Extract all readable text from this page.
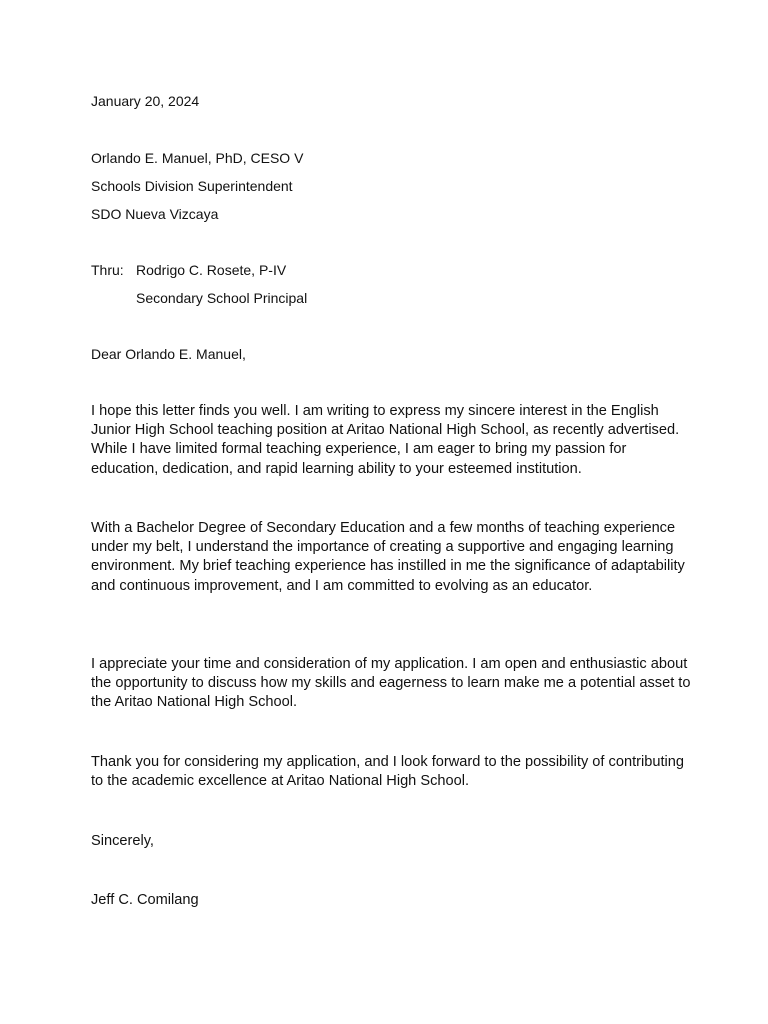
January 20, 2024
Orlando E. Manuel, PhD, CESO V
Schools Division Superintendent
SDO Nueva Vizcaya
Thru: Rodrigo C. Rosete, P-IV
Secondary School Principal
Dear Orlando E. Manuel,
I hope this letter finds you well. I am writing to express my sincere interest in the English Junior High School teaching position at Aritao National High School, as recently advertised. While I have limited formal teaching experience, I am eager to bring my passion for education, dedication, and rapid learning ability to your esteemed institution.
With a Bachelor Degree of Secondary Education and a few months of teaching experience under my belt, I understand the importance of creating a supportive and engaging learning environment. My brief teaching experience has instilled in me the significance of adaptability and continuous improvement, and I am committed to evolving as an educator.
I appreciate your time and consideration of my application. I am open and enthusiastic about the opportunity to discuss how my skills and eagerness to learn make me a potential asset to the Aritao National High School.
Thank you for considering my application, and I look forward to the possibility of contributing to the academic excellence at Aritao National High School.
Sincerely,
Jeff C. Comilang
